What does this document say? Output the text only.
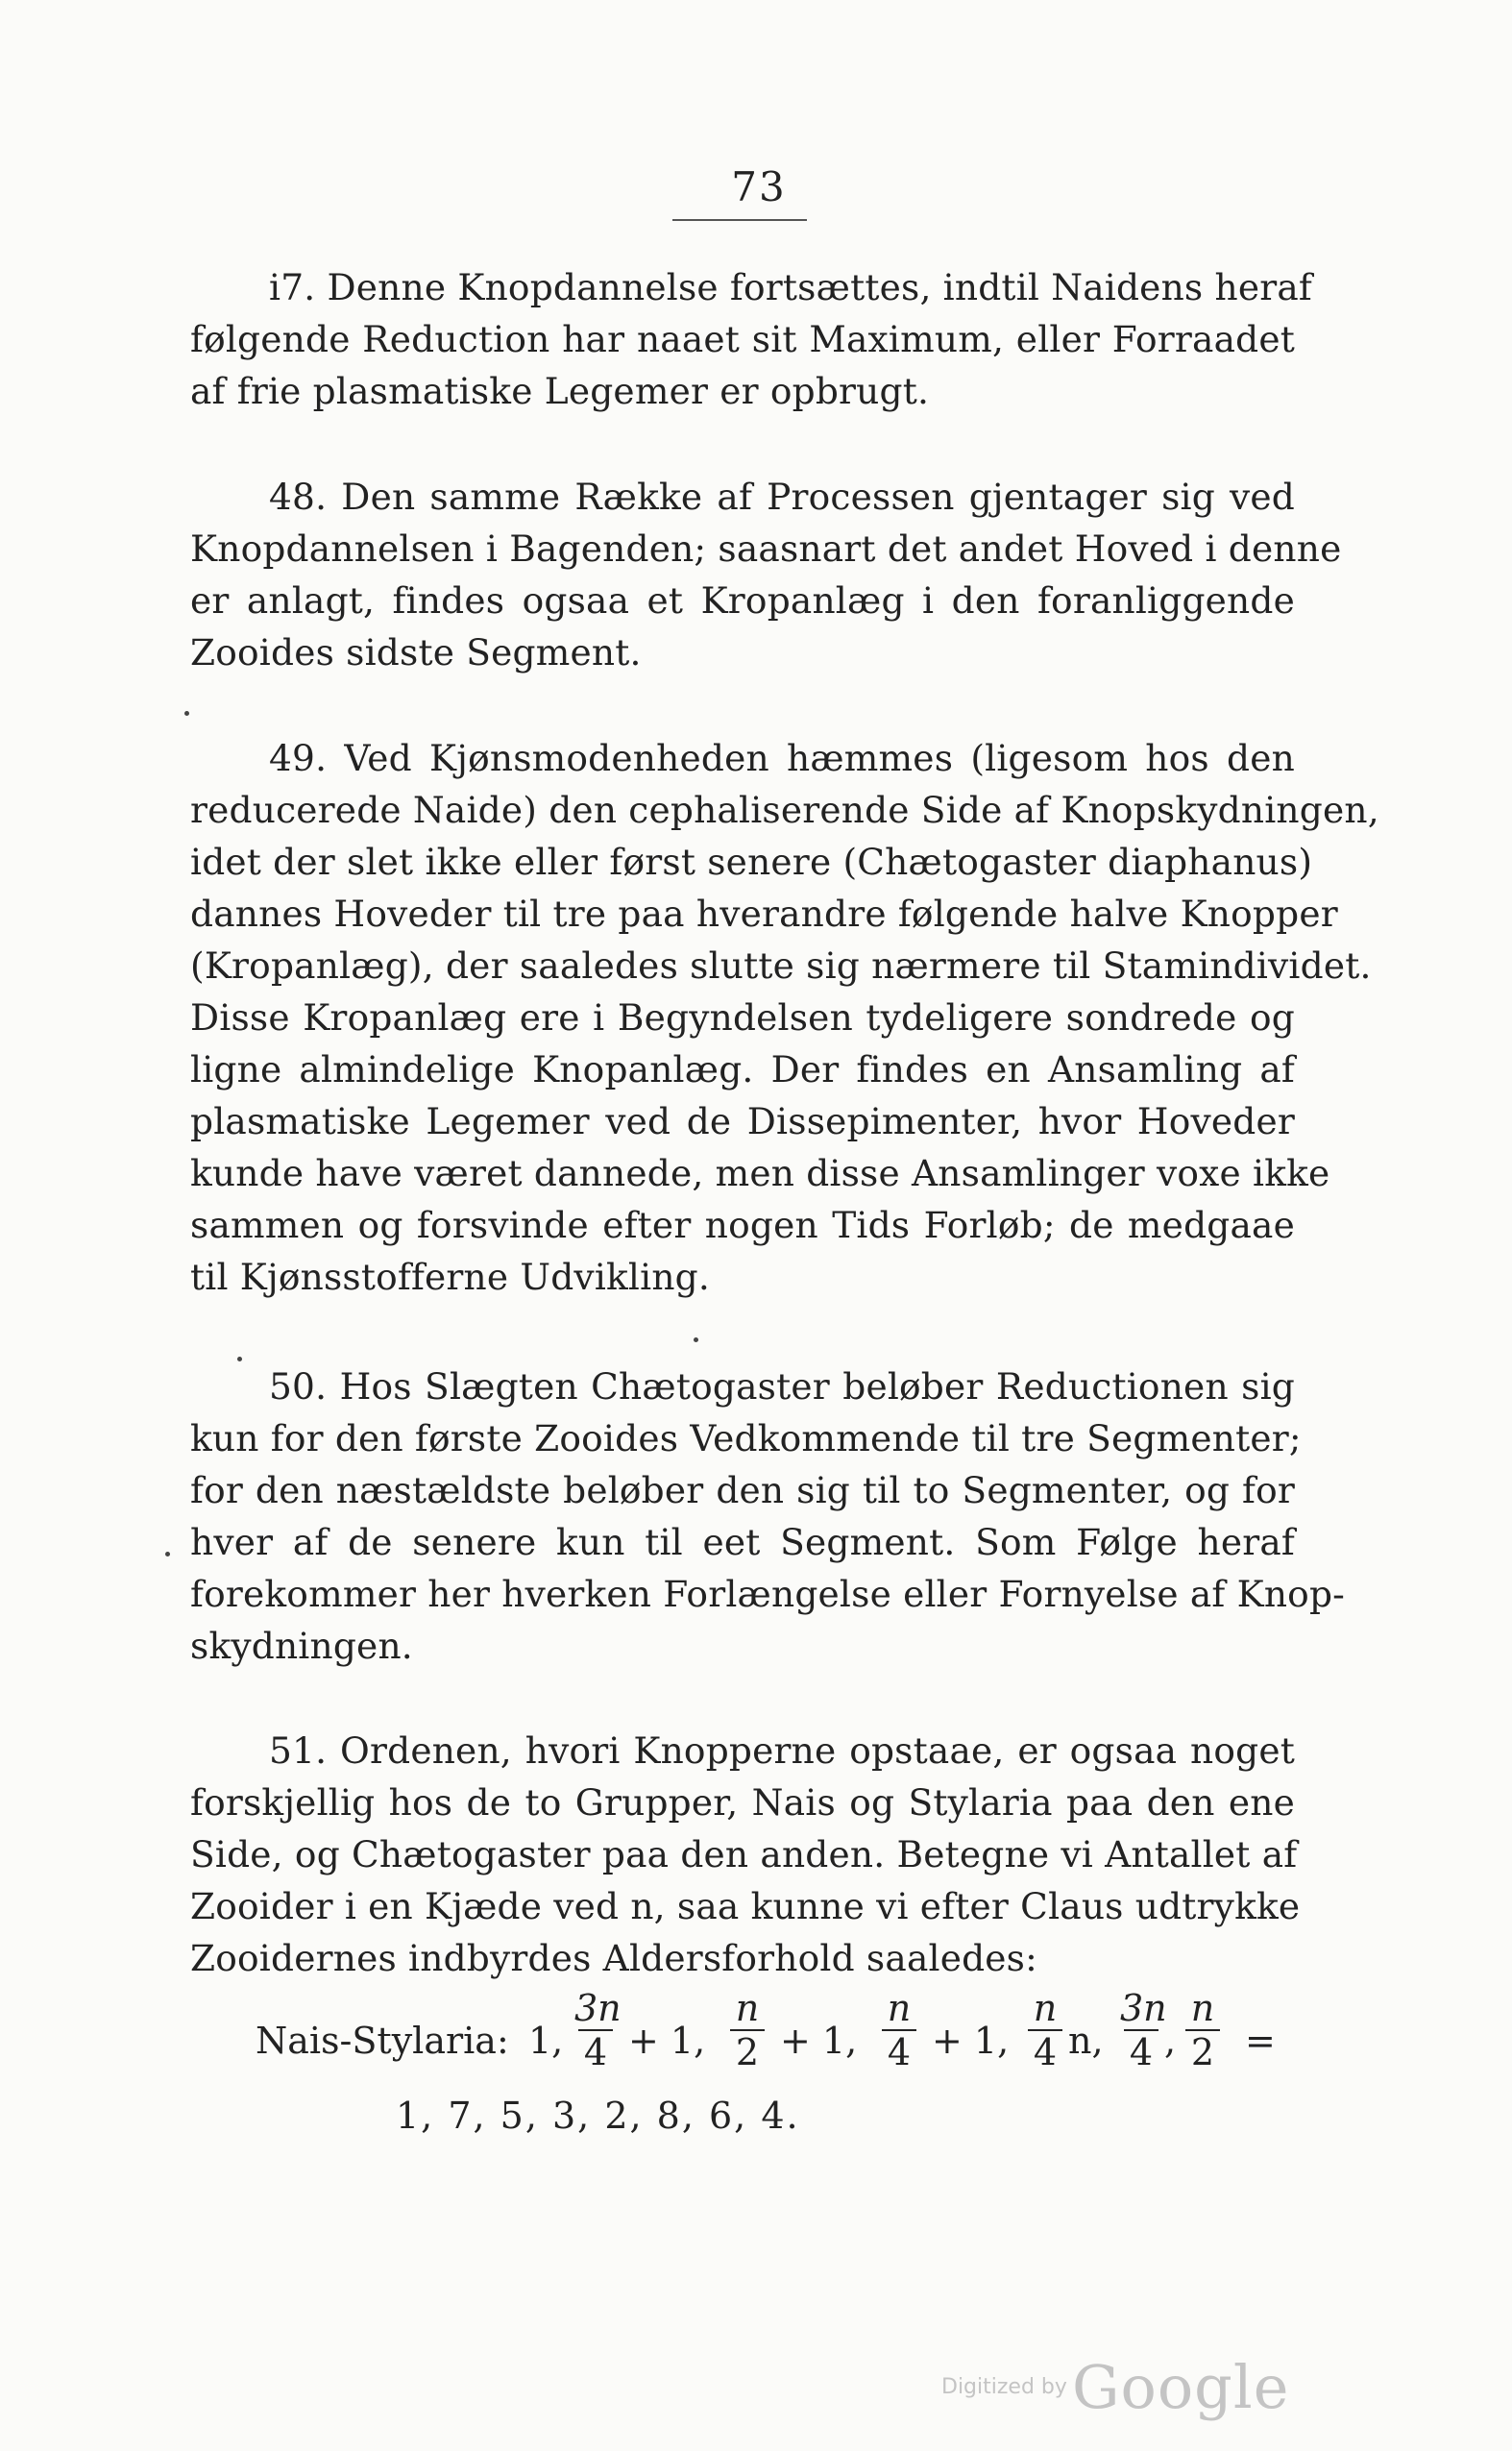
73
ⅰ7. Denne Knopdannelse fortsættes, indtil Naidens heraf
følgende Reduction har naaet sit Maximum, eller Forraadet
af frie plasmatiske Legemer er opbrugt.
48. Den samme Række af Processen gjentager sig ved
Knopdannelsen i Bagenden; saasnart det andet Hoved i denne
er anlagt, findes ogsaa et Kropanlæg i den foranliggende
Zooides sidste Segment.
49. Ved Kjønsmodenheden hæmmes (ligesom hos den
reducerede Naide) den cephaliserende Side af Knopskydningen,
idet der slet ikke eller først senere (Chætogaster diaphanus)
dannes Hoveder til tre paa hverandre følgende halve Knopper
(Kropanlæg), der saaledes slutte sig nærmere til Stamindividet.
Disse Kropanlæg ere i Begyndelsen tydeligere sondrede og
ligne almindelige Knopanlæg. Der findes en Ansamling af
plasmatiske Legemer ved de Dissepimenter, hvor Hoveder
kunde have været dannede, men disse Ansamlinger voxe ikke
sammen og forsvinde efter nogen Tids Forløb; de medgaae
til Kjønsstofferne Udvikling.
50. Hos Slægten Chætogaster beløber Reductionen sig
kun for den første Zooides Vedkommende til tre Segmenter;
for den næstældste beløber den sig til to Segmenter, og for
hver af de senere kun til eet Segment. Som Følge heraf
forekommer her hverken Forlængelse eller Fornyelse af Knop-
skydningen.
51. Ordenen, hvori Knopperne opstaae, er ogsaa noget
forskjellig hos de to Grupper, Nais og Stylaria paa den ene
Side, og Chætogaster paa den anden. Betegne vi Antallet af
Zooider i en Kjæde ved n, saa kunne vi efter Claus udtrykke
Zooidernes indbyrdes Aldersforhold saaledes:
Nais-Stylaria: 1,
3n
4 + 1,
n
2 + 1,
n
4 + 1,
n
4 n,
3n
4 ,
n
2 =
1, 7, 5, 3, 2, 8, 6, 4.
Digitized by Google
